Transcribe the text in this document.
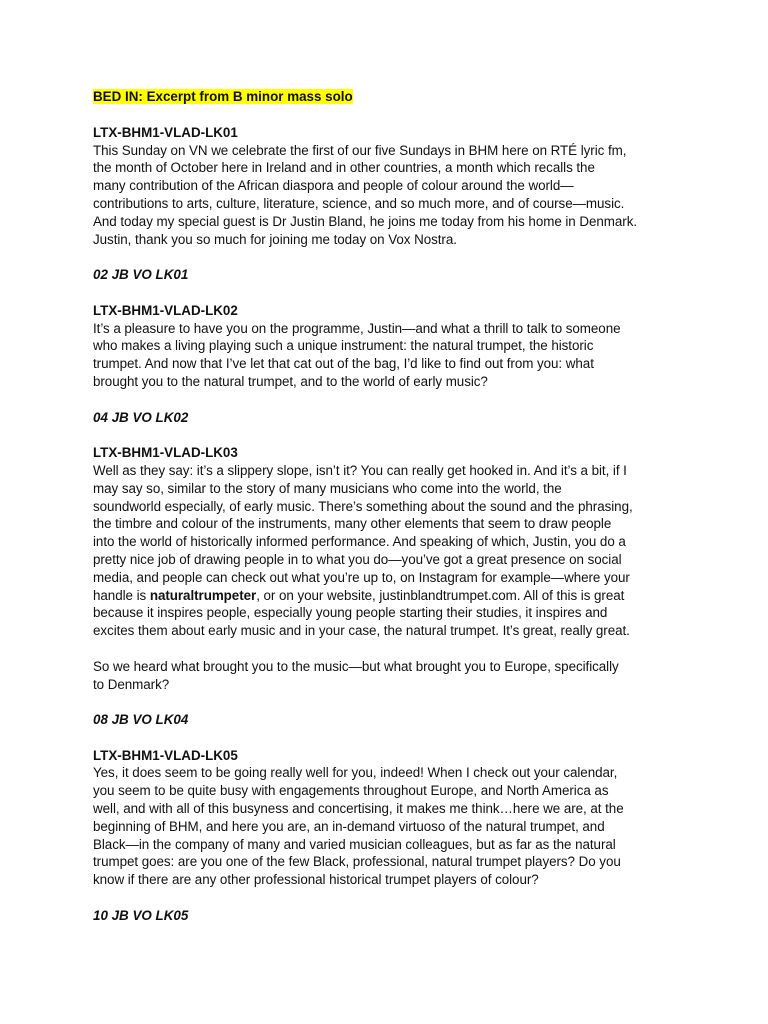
BED IN: Excerpt from B minor mass solo

LTX-BHM1-VLAD-LK01

This Sunday on VN we celebrate the first of our five Sundays in BHM here on RTÉ lyric fm,

the month of October here in Ireland and in other countries, a month which recalls the

many contribution of the African diaspora and people of colour around the world—

contributions to arts, culture, literature, science, and so much more, and of course—music.

And today my special guest is Dr Justin Bland, he joins me today from his home in Denmark.

Justin, thank you so much for joining me today on Vox Nostra.

02 JB VO LK01

LTX-BHM1-VLAD-LK02

It’s a pleasure to have you on the programme, Justin—and what a thrill to talk to someone

who makes a living playing such a unique instrument: the natural trumpet, the historic

trumpet. And now that I’ve let that cat out of the bag, I’d like to find out from you: what

brought you to the natural trumpet, and to the world of early music?

04 JB VO LK02

LTX-BHM1-VLAD-LK03

Well as they say: it’s a slippery slope, isn’t it? You can really get hooked in. And it’s a bit, if I

may say so, similar to the story of many musicians who come into the world, the

soundworld especially, of early music. There’s something about the sound and the phrasing,

the timbre and colour of the instruments, many other elements that seem to draw people

into the world of historically informed performance. And speaking of which, Justin, you do a

pretty nice job of drawing people in to what you do—you’ve got a great presence on social

media, and people can check out what you’re up to, on Instagram for example—where your

handle is naturaltrumpeter, or on your website, justinblandtrumpet.com. All of this is great

because it inspires people, especially young people starting their studies, it inspires and

excites them about early music and in your case, the natural trumpet. It’s great, really great.

So we heard what brought you to the music—but what brought you to Europe, specifically

to Denmark?

08 JB VO LK04

LTX-BHM1-VLAD-LK05

Yes, it does seem to be going really well for you, indeed! When I check out your calendar,

you seem to be quite busy with engagements throughout Europe, and North America as

well, and with all of this busyness and concertising, it makes me think…here we are, at the

beginning of BHM, and here you are, an in-demand virtuoso of the natural trumpet, and

Black—in the company of many and varied musician colleagues, but as far as the natural

trumpet goes: are you one of the few Black, professional, natural trumpet players? Do you

know if there are any other professional historical trumpet players of colour?

10 JB VO LK05
